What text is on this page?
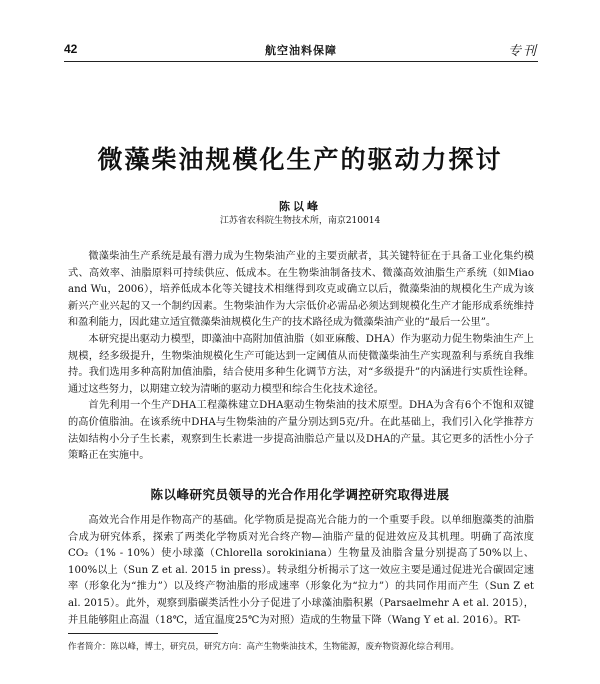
42	航空油料保障	专刊
微藻柴油规模化生产的驱动力探讨
陈以峰
江苏省农科院生物技术所，南京210014

微藻柴油生产系统是最有潜力成为生物柴油产业的主要贡献者，其关键特征在于具备工业化集约模式、高效率、油脂原料可持续供应、低成本。在生物柴油制备技术、微藻高效油脂生产系统（如Miao and Wu，2006），培养低成本化等关键技术相继得到攻克或确立以后，微藻柴油的规模化生产成为该新兴产业兴起的又一个制约因素。生物柴油作为大宗低价必需品必须达到规模化生产才能形成系统维持和盈利能力，因此建立适宜微藻柴油规模化生产的技术路径成为微藻柴油产业的“最后一公里”。

本研究提出驱动力模型，即藻油中高附加值油脂（如亚麻酸、DHA）作为驱动力促生物柴油生产上规模，经多级提升，生物柴油规模化生产可能达到一定阈值从而使微藻柴油生产实现盈利与系统自我维持。我们选用多种高附加值油脂，结合使用多种生化调节方法，对“多级提升”的内涵进行实质性诠释。通过这些努力，以期建立较为清晰的驱动力模型和综合生化技术途径。

首先利用一个生产DHA工程藻株建立DHA驱动生物柴油的技术原型。DHA为含有6个不饱和双键的高价值脂油。在该系统中DHA与生物柴油的产量分别达到5克/升。在此基础上，我们引入化学推荐方法如结构小分子生长素，观察到生长素进一步提高油脂总产量以及DHA的产量。其它更多的活性小分子策略正在实施中。

陈以峰研究员领导的光合作用化学调控研究取得进展

高效光合作用是作物高产的基础。化学物质是提高光合能力的一个重要手段。以单细胞藻类的油脂合成为研究体系，探索了两类化学物质对光合终产物—油脂产量的促进效应及其机理。明确了高浓度CO₂（1% - 10%）使小球藻（Chlorella sorokiniana）生物量及油脂含量分别提高了50%以上、100%以上（Sun Z et al. 2015 in press）。转录组分析揭示了这一效应主要是通过促进光合碳固定速率（形象化为“推力”）以及终产物油脂的形成速率（形象化为“拉力”）的共同作用而产生（Sun Z et al. 2015）。此外，观察到脂碳类活性小分子促进了小球藻油脂积累（Parsaelmehr A et al. 2015），并且能够阻止高温（18℃，适宜温度25℃为对照）造成的生物量下降（Wang Y et al. 2016）。RT-

作者简介：陈以峰，博士，研究员，研究方向：高产生物柴油技术，生物能源，废弃物资源化综合利用。
